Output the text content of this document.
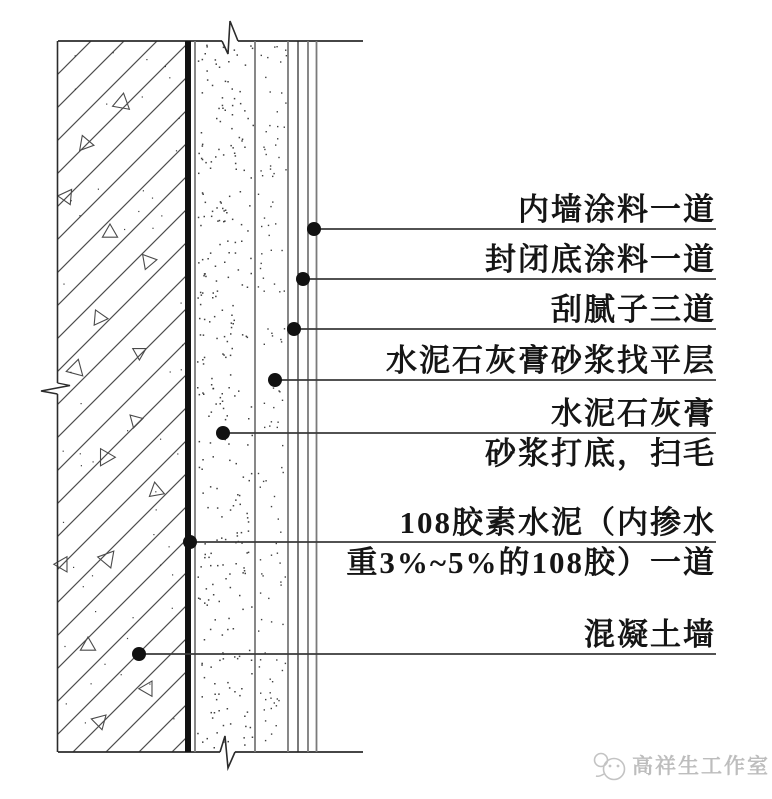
内墙涂料一道
封闭底涂料一道
刮腻子三道
水泥石灰膏砂浆找平层
水泥石灰膏
砂浆打底，扫毛
108胶素水泥（内掺水
重3%~5%的108胶）一道
混凝土墙
高祥生工作室
